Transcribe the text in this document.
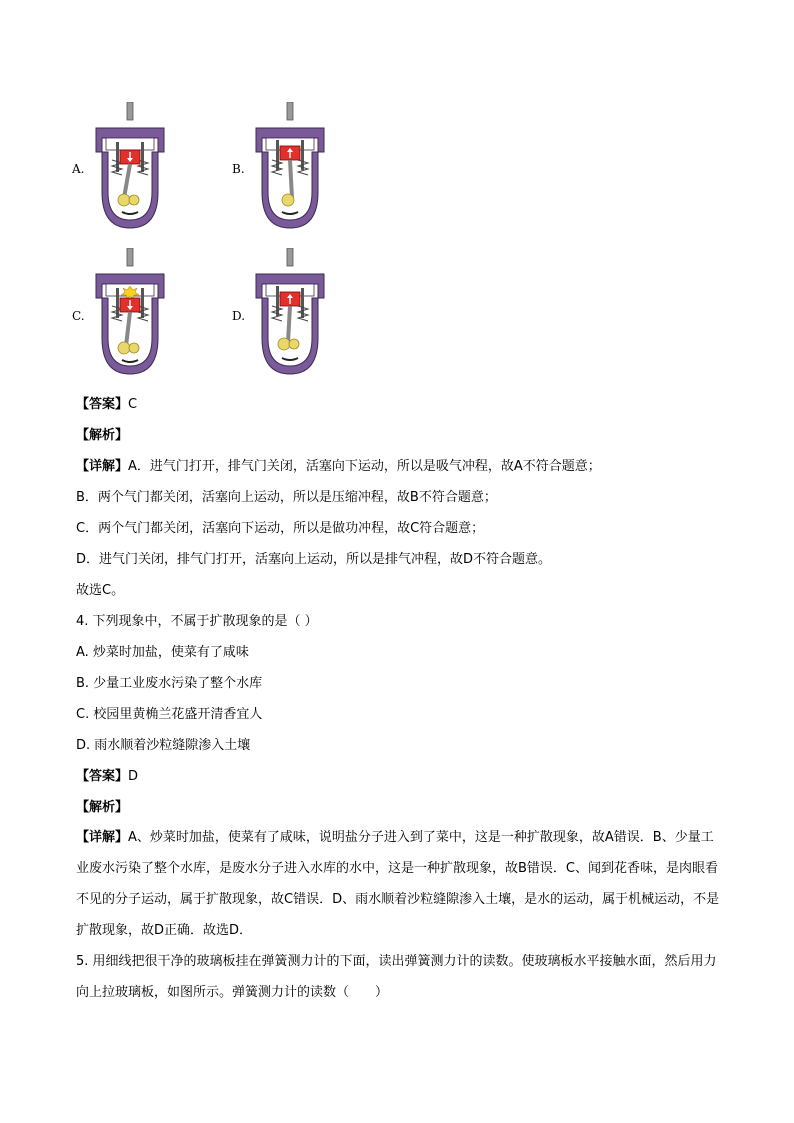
A.	B.
C.	D.
【答案】C
【解析】
【详解】A．进气门打开，排气门关闭，活塞向下运动，所以是吸气冲程，故A不符合题意；
B．两个气门都关闭，活塞向上运动，所以是压缩冲程，故B不符合题意；
C．两个气门都关闭，活塞向下运动，所以是做功冲程，故C符合题意；
D．进气门关闭，排气门打开，活塞向上运动，所以是排气冲程，故D不符合题意。
故选C。
4. 下列现象中，不属于扩散现象的是（ ）
A. 炒菜时加盐，使菜有了咸味
B. 少量工业废水污染了整个水库
C. 校园里黄桷兰花盛开清香宜人
D. 雨水顺着沙粒缝隙渗入土壤
【答案】D
【解析】
【详解】A、炒菜时加盐，使菜有了咸味，说明盐分子进入到了菜中，这是一种扩散现象，故A错误．B、少量工业废水污染了整个水库，是废水分子进入水库的水中，这是一种扩散现象，故B错误．C、闻到花香味，是肉眼看不见的分子运动，属于扩散现象，故C错误．D、雨水顺着沙粒缝隙渗入土壤，是水的运动，属于机械运动，不是扩散现象，故D正确．故选D．
5. 用细线把很干净的玻璃板挂在弹簧测力计的下面，读出弹簧测力计的读数。使玻璃板水平接触水面，然后用力向上拉玻璃板，如图所示。弹簧测力计的读数（　　）
